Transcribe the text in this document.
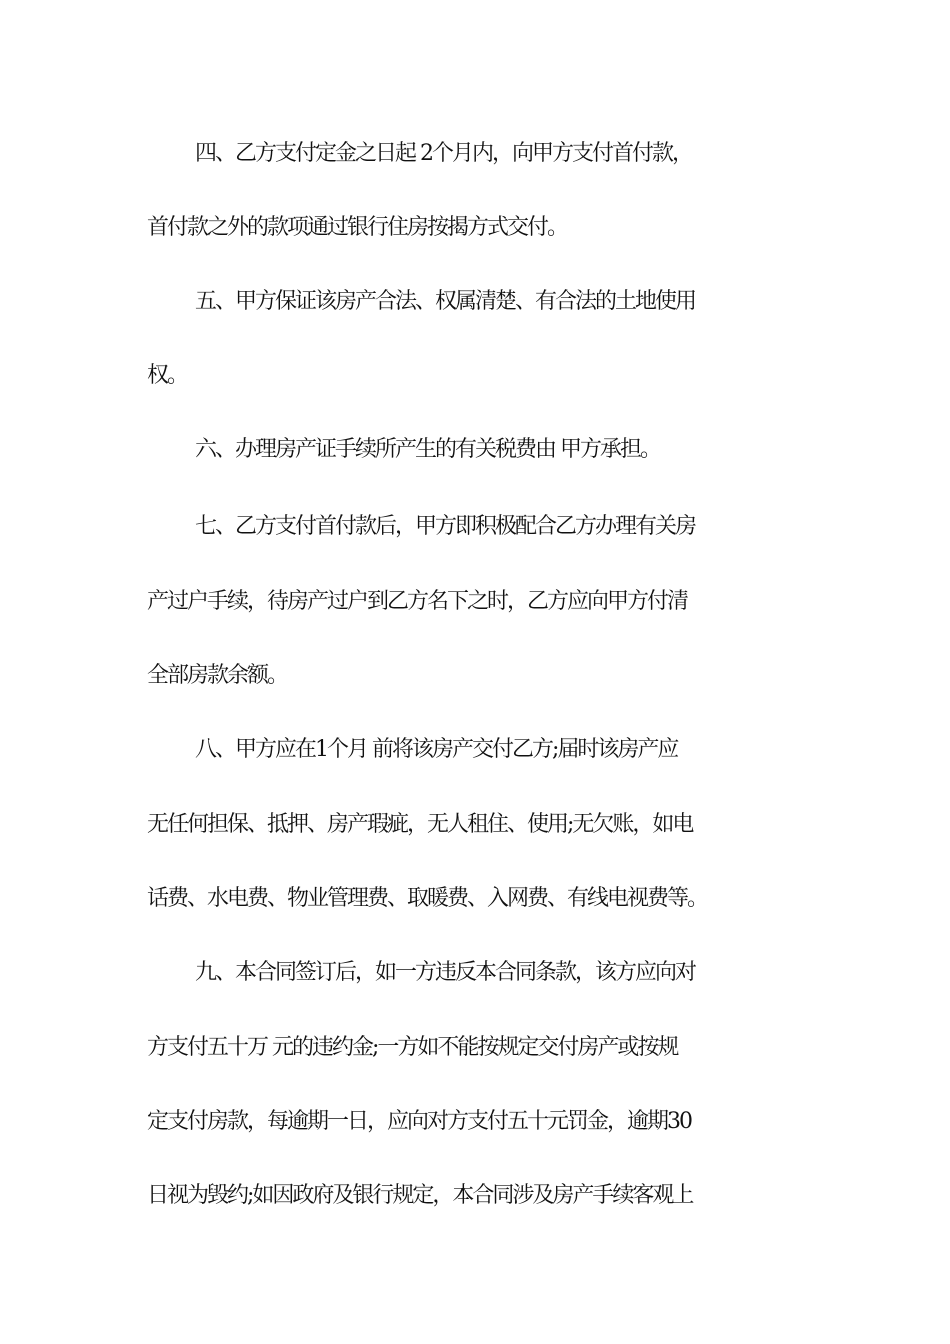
四、乙方支付定金之日起 2个月内，向甲方支付首付款，
首付款之外的款项通过银行住房按揭方式交付。
五、甲方保证该房产合法、权属清楚、有合法的土地使用
权。
六、办理房产证手续所产生的有关税费由 甲方承担。
七、乙方支付首付款后，甲方即积极配合乙方办理有关房
产过户手续，待房产过户到乙方名下之时，乙方应向甲方付清
全部房款余额。
八、甲方应在1个月 前将该房产交付乙方;届时该房产应
无任何担保、抵押、房产瑕疵，无人租住、使用;无欠账，如电
话费、水电费、物业管理费、取暖费、入网费、有线电视费等。
九、本合同签订后，如一方违反本合同条款，该方应向对
方支付五十万 元的违约金;一方如不能按规定交付房产或按规
定支付房款，每逾期一日，应向对方支付五十元罚金，逾期30
日视为毁约;如因政府及银行规定，本合同涉及房产手续客观上
